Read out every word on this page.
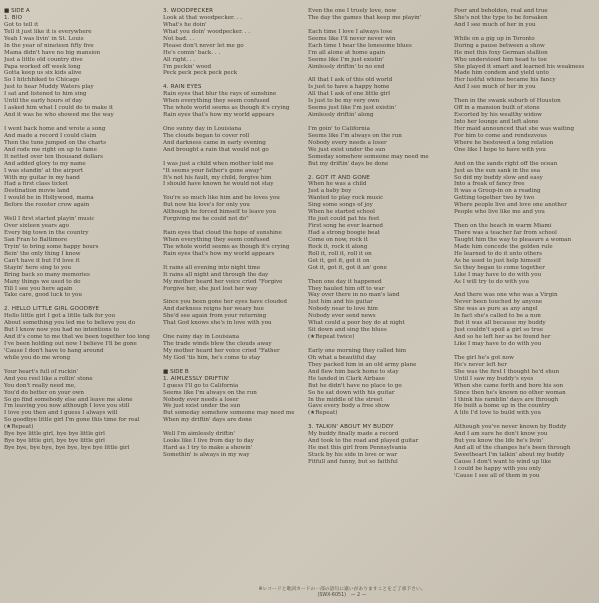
■ SIDE A
1. BIO
Got to tell it
Tell it just like it is everywhere
Yeah I was livin' in St. Louis
In the year of nineteen fifty five
Mama didn't have no big mansion
Just a little old country dive
Papa worked off week long
Gotta keep us six kids alive
So I hitchhiked to Chicago
Just to hear Muddy Waters play
I sat and listened to him sing
Until the early hours of day
I asked him what I could do to make it
And it was he who showed me the way
I went back home and wrote a song
And made a record I could claim
Then the tune jumped on the charts
And rode me right on up to fame
It netted over ten thousand dollars
And added glory to my name
I was standin' at the airport
With my guitar in my hand
Had a first class ticket
Destination movie land
I would be in Hollywood, mama
Before the rooster crow again
Well I first started playin' music
Over sixteen years ago
Every big town in the country
San Fran to Baltimore
Tryin' to bring some happy hours
Bein' the only thing I know
Can't have it but I'd love it
Stayin' here sing to you
Bring back so many memories
Many things we used to do
Till I see you here again
Take care, good luck to you
2. HELLO LITTLE GIRL GOODBYE
Hello little girl I got a little talk for you
About something you led me to believe you do
But I know now you had no intentions to
And it's come to me that we been together too long
I've been holding out now I believe I'll be gone
'Cause I don't have to hang around
while you do me wrong
Your heart's full of ruckin'
And you reel like a rollin' stone
You don't really need me,
You'd do better on your own
So go find somebody else and leave me alone
I'm leaving you now although I love you still
I love you then and I guess I always will
So goodbye little girl I'm gone this time for real
(★Repeat)
Bye bye little girl, bye bye little girl
Bye bye little girl, bye bye little girl
Bye bye, bye bye, bye bye, bye bye little girl
3. WOODPECKER
Look at that woodpecker. . .
What's he doin'
What you doin' woodpecker. . .
Not bad. . .
Please don't never let me go
He's comin' back. . .
All right. . .
I'm peckin' wood
Peck peck peck peck peck
4. RAIN EYES
Rain eyes that blur the rays of sunshine
When everything they seem confused
The whole world seems as though it's crying
Rain eyes that's how my world appears
One sunny day in Louisiana
The clouds began to cover roll
And darkness came in early evening
And brought a rain that would not go
I was just a child when mother told me
"It seems your father's gone away"
It's not his fault, my child, forgive him
I should have known he would not stay
You're so much like him and he loves you
But now his love's for only you
Although he forced himself to leave you
Forgiving me he could not do"
Rain eyes that cloud the hope of sunshine
When everything they seem confused
The whole world seems as though it's crying
Rain eyes that's how my world appears
It rains all evening into night time
It rains all night and through the day
My mother heard her voice cried "Forgive
Forgive her, she just lost her way
Since you been gone her eyes have clouded
And darkness reigns her weary hue
She'd see again from your returning
That God knows she's in love with you
One rainy day in Louisiana
The trade winds blew the clouds away
My mother heard her voice cried "Father
My God 'tis him, he's come to stay
■ SIDE B
1. AIMLESSLY DRIFTIN'
I guess I'll go to California
Seems like I'm always on the run
Nobody ever needs a loser
We just exist under the sun
But someday somehow someone may need me
When my driftin' days are done
Well I'm aimlessly driftin'
Looks like I live from day to day
Hard as I try to make a showin'
Somethin' is always in my way
Even the one I truely love, now
The day the games that keep me playin'
Each time I love I always lose
Seems like I'll never never win
Each time I hear the lonesome blues
I'm all alone at home again
Seems like I'm just existin'
Aimlessly driftin' to no end
All that I ask of this old world
Is just to have a happy home
All that I ask of one little girl
Is just to be my very own
Seems just like I'm just existin'
Aimlessly driftin' along
I'm goin' to California
Seems like I'm always on the run
Nobody every needs a loser
We just exist under the sun
Someday somehow someone may need me
But my driftin' days be done
2. GOT IT AND GONE
When he was a child
Just a baby boy
Wanted to play rock music
Sing some songs of joy
When he started school
He just could pat his feet
First song he ever learned
Had a strong boogie beat
Come on now, rock it
Rock it, rock it along
Roll it, roll it, roll it on
Get it, get it, get it on
Got it, got it, got it an' gone
Then one day it happened
They hauled him off to war
Way over there in no man's land
Just him and his guitar
Nobody near to love him
Nobody ever send news
What could a poor boy do at night
Sit down and sing the blues
(★Repeat twice)
Early one morning they called him
Oh what a beautiful day
They packed him in an old army plane
And flew him back home to stay
He landed in Clark Airbase
But he didn't have no place to go
So he sat down with his guitar
In the middle of the street
Gave every body a free show
(★Repeat)
3. TALKIN' ABOUT MY BUDDY
My buddy finally made a record
And took to the road and played guitar
He met this girl from Pennsylvania
Stuck by his side in love or war
Fitfull and funny, but so faithful
Poor and beholden, real and true
She's not the type to be forsaken
And I see much of her in you
While on a gig up in Toronto
During a pause between a show
He met this foxy German stallion
Who understood him head to toe
She played it smart and learned his weakness
Made him condem and yield unto
Her lustful whims became his fancy
And I see much of her in you
Then in the swank suburb of Houston
Off in a mansion built of stone
Escorted by his wealthy widow
Into her lounge and left alone
Her maid announced that she was waiting
For him to come and rendezvous
Where he bestowed a long relation
One like I hope to have with you
And on the sands right off the ocean
Just as the sun sank in the sea
So did my buddy slow and easy
Into a freak of fancy free
It was a Group-in on a reading
Getting together two by two
Where people live and love one another
People who live like me and you
Then on the beach in warm Miami
There was a teacher far from school
Taught him the way to pleasure a woman
Made him concede the golden rule
He learned to do it unto others
As he used to just help himself
So they began to come together
Like I may have to do with you
As I will try to do with you
And there was one who was a Virgin
Never been touched by anyone
She was as pure as any angel
In fact she's called to be a nun
But it was all because my buddy
Just couldn't spoil a girl so true
And so he left her as he found her
Like I may have to do with you
The girl he's got now
He's never left her
She was the first I thought he'd shun
Until I saw my buddy's eyes
When she came forth and bore his son
Since then he's known no other woman
I think his ramblin' days are through
He built a home up in the country
A life I'd love to build with you
Although you've never known by Buddy
And I am sure he don't know you
But you know the life he's livin'
And all of the changes he's been through
Sweetheart I'm talkin' about my buddy
Cause I don't want to wind up like
I could be happy with you only
'Cause I see all of them in you
※レコードと歌詞カードの一部の語句に違いがありますことをご了承下さい。
(SWX-6051)　— 2 —
